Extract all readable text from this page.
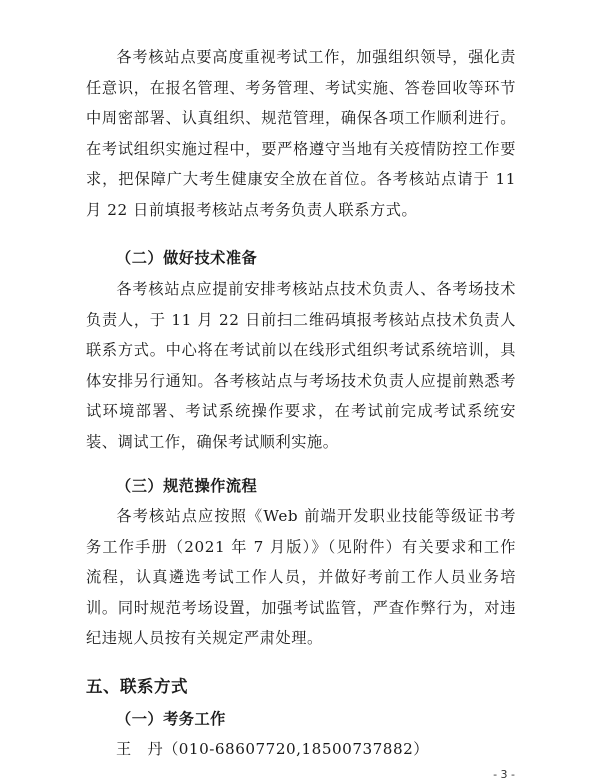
各考核站点要高度重视考试工作，加强组织领导，强化责任意识，在报名管理、考务管理、考试实施、答卷回收等环节中周密部署、认真组织、规范管理，确保各项工作顺利进行。在考试组织实施过程中，要严格遵守当地有关疫情防控工作要求，把保障广大考生健康安全放在首位。各考核站点请于 11 月 22 日前填报考核站点考务负责人联系方式。

（二）做好技术准备

各考核站点应提前安排考核站点技术负责人、各考场技术负责人，于 11 月 22 日前扫二维码填报考核站点技术负责人联系方式。中心将在考试前以在线形式组织考试系统培训，具体安排另行通知。各考核站点与考场技术负责人应提前熟悉考试环境部署、考试系统操作要求，在考试前完成考试系统安装、调试工作，确保考试顺利实施。

（三）规范操作流程

各考核站点应按照《Web 前端开发职业技能等级证书考务工作手册（2021 年 7 月版）》（见附件）有关要求和工作流程，认真遴选考试工作人员，并做好考前工作人员业务培训。同时规范考场设置，加强考试监管，严查作弊行为，对违纪违规人员按有关规定严肃处理。

五、联系方式
（一）考务工作
王　丹（010-68607720,18500737882）
- 3 -
